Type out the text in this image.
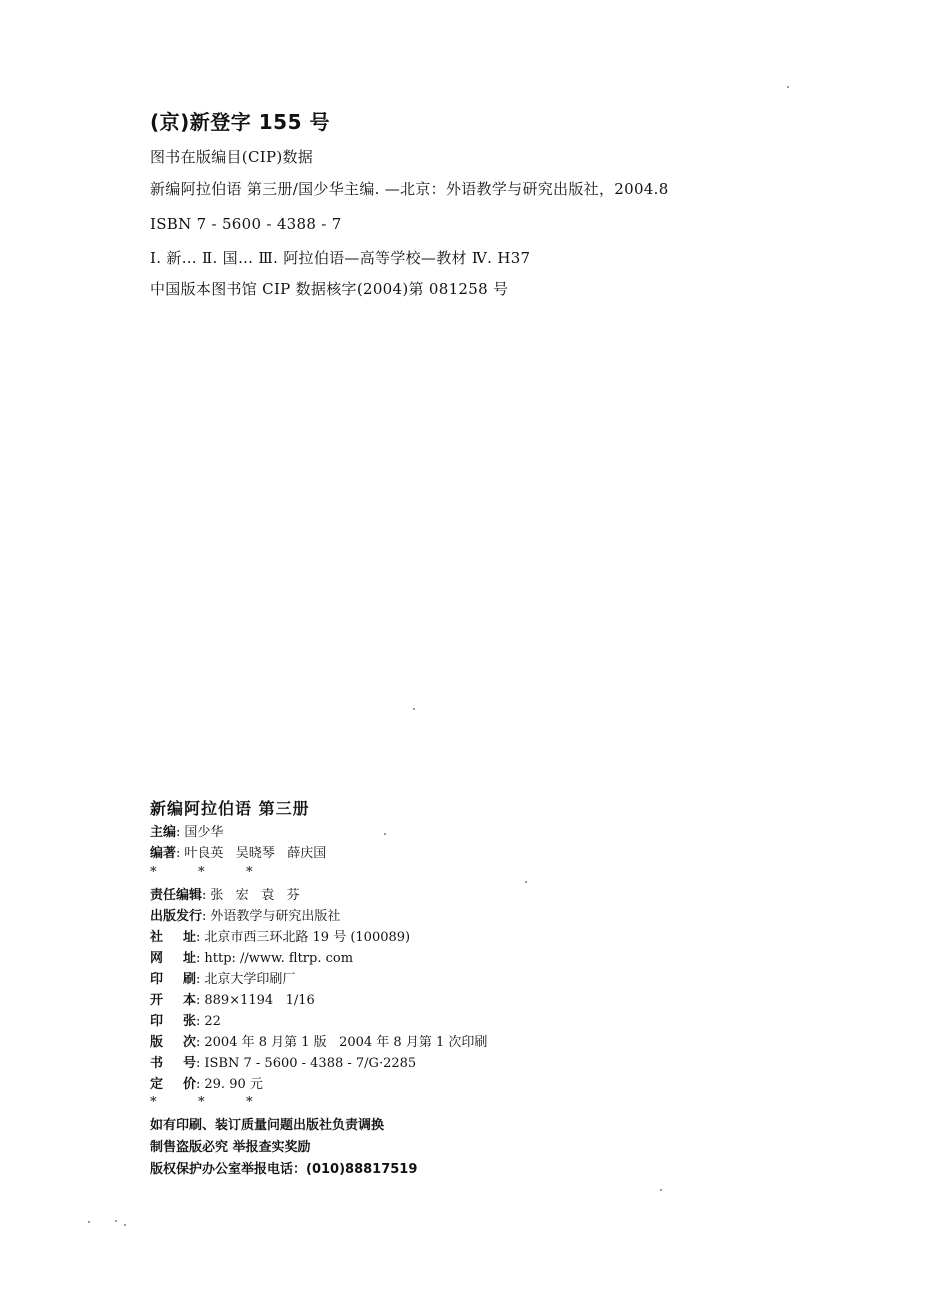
(京)新登字 155 号
图书在版编目(CIP)数据
新编阿拉伯语 第三册/国少华主编. —北京：外语教学与研究出版社，2004.8
ISBN 7 - 5600 - 4388 - 7
Ⅰ. 新… Ⅱ. 国… Ⅲ. 阿拉伯语—高等学校—教材 Ⅳ. H37
中国版本图书馆 CIP 数据核字(2004)第 081258 号
新编阿拉伯语 第三册
主编 : 国少华
编著 : 叶良英   吴晓琴   薛庆国
*	*	*
责任编辑 : 张   宏   袁   芬
出版发行 : 外语教学与研究出版社
社 址 : 北京市西三环北路 19 号 (100089)
网 址 : http: //www. fltrp. com
印 刷 : 北京大学印刷厂
开 本 : 889×1194   1/16
印 张 : 22
版 次 : 2004 年 8 月第 1 版   2004 年 8 月第 1 次印刷
书 号 : ISBN 7 - 5600 - 4388 - 7/G·2285
定 价 : 29. 90 元
*	*	*
如有印刷、装订质量问题出版社负责调换
制售盗版必究 举报查实奖励
版权保护办公室举报电话：(010)88817519
